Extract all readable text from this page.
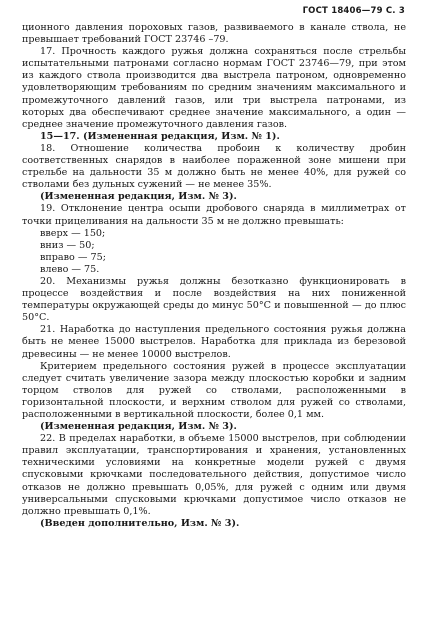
ГОСТ 18406—79 С. 3

ционного давления пороховых газов, развиваемого в канале ствола, не превышает требований ГОСТ 23746 –79.

17. Прочность каждого ружья должна сохраняться после стрельбы испытательными патронами согласно нормам ГОСТ 23746—79, при этом из каждого ствола производится два выстрела патроном, одновременно удовлетворяющим требованиям по средним значениям максимального и промежуточного давлений газов, или три выстрела патронами, из которых два обеспечивают среднее значение максимального, а один — среднее значение промежуточного давления газов.

15—17. (Измененная редакция, Изм. № 1).

18. Отношение количества пробоин к количеству дробин соответственных снарядов в наиболее пораженной зоне мишени при стрельбе на дальности 35 м должно быть не менее 40%, для ружей со стволами без дульных сужений — не менее 35%.

(Измененная редакция, Изм. № 3).

19. Отклонение центра осыпи дробового снаряда в миллиметрах от точки прицеливания на дальности 35 м не должно превышать:

вверх — 150;

вниз — 50;

вправо — 75;

влево — 75.

20. Механизмы ружья должны безотказно функционировать в процессе воздействия и после воздействия на них пониженной температуры окружающей среды до минус 50°С и повышенной — до плюс 50°С.

21. Наработка до наступления предельного состояния ружья должна быть не менее 15000 выстрелов. Наработка для приклада из березовой древесины — не менее 10000 выстрелов.

Критерием предельного состояния ружей в процессе эксплуатации следует считать увеличение зазора между плоскостью коробки и задним торцом стволов для ружей со стволами, расположенными в горизонтальной плоскости, и верхним стволом для ружей со стволами, расположенными в вертикальной плоскости, более 0,1 мм.

(Измененная редакция, Изм. № 3).

22. В пределах наработки, в объеме 15000 выстрелов, при соблюдении правил эксплуатации, транспортирования и хранения, установленных техническими условиями на конкретные модели ружей с двумя спусковыми крючками последовательного действия, допустимое число отказов не должно превышать 0,05%, для ружей с одним или двумя универсальными спусковыми крючками допустимое число отказов не должно превышать 0,1%.

(Введен дополнительно, Изм. № 3).
